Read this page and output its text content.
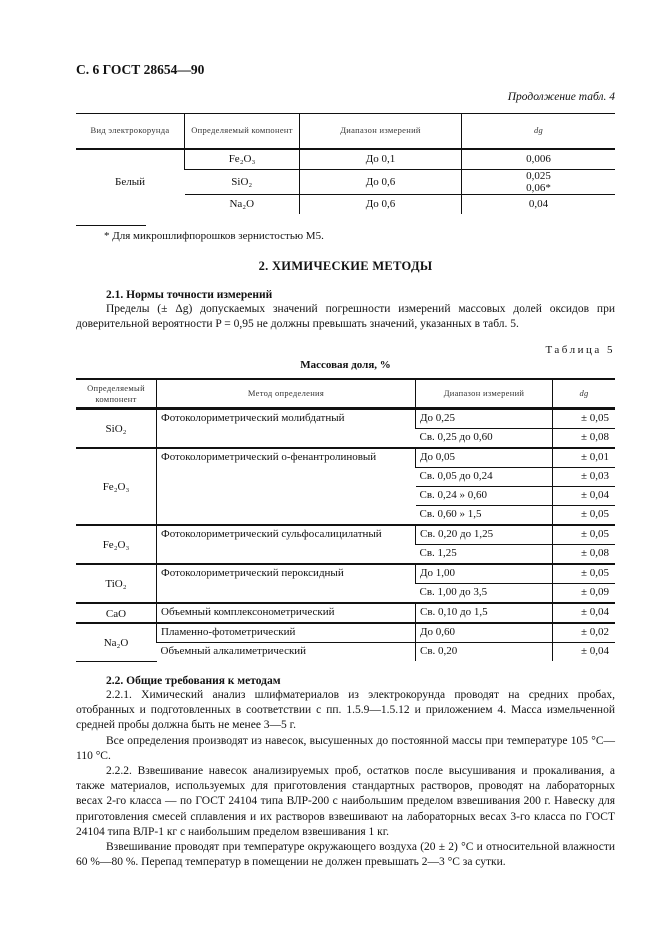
С. 6 ГОСТ 28654—90
Продолжение табл. 4
Вид электрокорунда	Определяемый компонент	Диапазон измерений	dg
Белый	Fe₂O₃	До 0,1	0,006
	SiO₂	До 0,6	0,025
0,06*
	Na₂O	До 0,6	0,04
* Для микрошлифпорошков зернистостью М5.
2. ХИМИЧЕСКИЕ МЕТОДЫ
2.1. Нормы точности измерений
Пределы (± Δg) допускаемых значений погрешности измерений массовых долей оксидов при доверительной вероятности P = 0,95 не должны превышать значений, указанных в табл. 5.
Таблица 5
Массовая доля, %
Определяемый компонент	Метод определения	Диапазон измерений	dg
SiO₂	Фотоколориметрический молибдатный	До 0,25	± 0,05
		Св. 0,25 до 0,60	± 0,08
Fe₂O₃	Фотоколориметрический o-фенантролиновый	До 0,05	± 0,01
		Св. 0,05 до 0,24	± 0,03
		Св. 0,24 » 0,60	± 0,04
		Св. 0,60 » 1,5	± 0,05
Fe₂O₃	Фотоколориметрический сульфосалицилатный	Св. 0,20 до 1,25	± 0,05
		Св. 1,25	± 0,08
TiO₂	Фотоколориметрический пероксидный	До 1,00	± 0,05
		Св. 1,00 до 3,5	± 0,09
CaO	Объемный комплексонометрический	Св. 0,10 до 1,5	± 0,04
Na₂O	Пламенно-фотометрический	До 0,60	± 0,02
	Объемный алкалиметрический	Св. 0,20	± 0,04
2.2. Общие требования к методам
2.2.1. Химический анализ шлифматериалов из электрокорунда проводят на средних пробах, отобранных и подготовленных в соответствии с пп. 1.5.9—1.5.12 и приложением 4. Масса измельченной средней пробы должна быть не менее 3—5 г.
Все определения производят из навесок, высушенных до постоянной массы при температуре 105 °С—110 °С.
2.2.2. Взвешивание навесок анализируемых проб, остатков после высушивания и прокаливания, а также материалов, используемых для приготовления стандартных растворов, проводят на лабораторных весах 2-го класса — по ГОСТ 24104 типа ВЛР-200 с наибольшим пределом взвешивания 200 г. Навеску для приготовления смесей сплавления и их растворов взвешивают на лабораторных весах 3-го класса по ГОСТ 24104 типа ВЛР-1 кг с наибольшим пределом взвешивания 1 кг.
Взвешивание проводят при температуре окружающего воздуха (20 ± 2) °С и относительной влажности 60 %—80 %. Перепад температур в помещении не должен превышать 2—3 °С за сутки.
